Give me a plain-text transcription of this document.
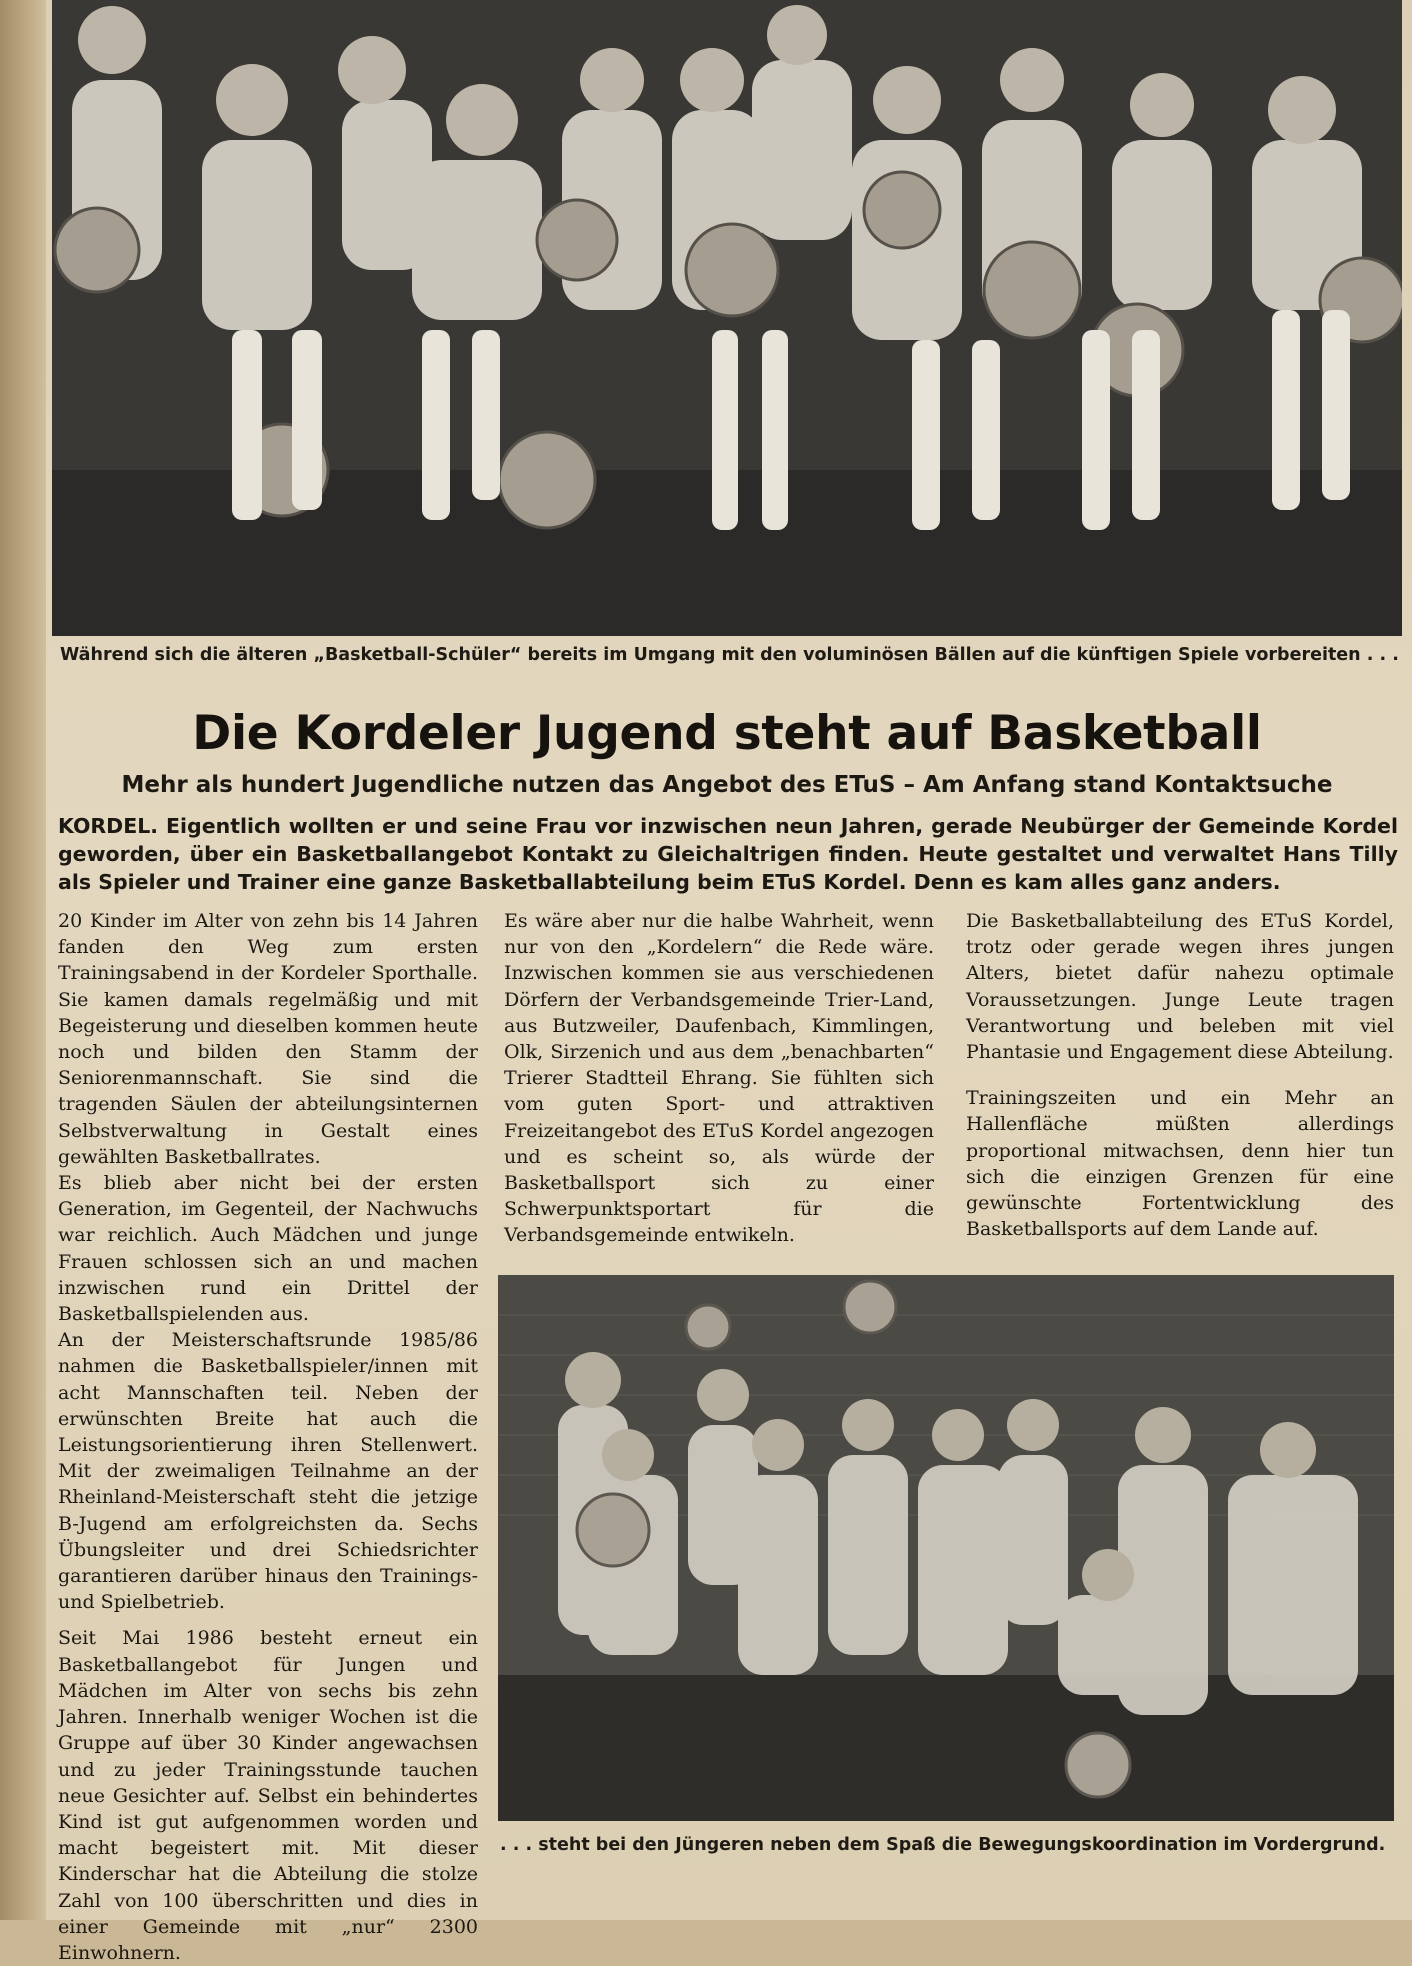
Während sich die älteren „Basketball-Schüler“ bereits im Umgang mit den voluminösen Bällen auf die künftigen Spiele vorbereiten . . .
Die Kordeler Jugend steht auf Basketball
Mehr als hundert Jugendliche nutzen das Angebot des ETuS – Am Anfang stand Kontaktsuche
KORDEL. Eigentlich wollten er und seine Frau vor inzwischen neun Jahren, gerade Neubürger der Gemeinde Kordel geworden, über ein Basketballangebot Kontakt zu Gleichaltrigen finden. Heute gestaltet und verwaltet Hans Tilly als Spieler und Trainer eine ganze Basketballabteilung beim ETuS Kordel. Denn es kam alles ganz anders.

20 Kinder im Alter von zehn bis 14 Jahren fanden den Weg zum ersten Trainingsabend in der Kordeler Sporthalle. Sie kamen damals regelmäßig und mit Begeisterung und dieselben kommen heute noch und bilden den Stamm der Seniorenmannschaft. Sie sind die tragenden Säulen der abteilungsinternen Selbstverwaltung in Gestalt eines gewählten Basketballrates.

Es blieb aber nicht bei der ersten Generation, im Gegenteil, der Nachwuchs war reichlich. Auch Mädchen und junge Frauen schlossen sich an und machen inzwischen rund ein Drittel der Basketballspielenden aus.

An der Meisterschaftsrunde 1985/86 nahmen die Basketballspieler/innen mit acht Mannschaften teil. Neben der erwünschten Breite hat auch die Leistungsorientierung ihren Stellenwert. Mit der zweimaligen Teilnahme an der Rheinland-Meisterschaft steht die jetzige B-Jugend am erfolgreichsten da. Sechs Übungsleiter und drei Schiedsrichter garantieren darüber hinaus den Trainings- und Spielbetrieb.

Seit Mai 1986 besteht erneut ein Basketballangebot für Jungen und Mädchen im Alter von sechs bis zehn Jahren. Innerhalb weniger Wochen ist die Gruppe auf über 30 Kinder angewachsen und zu jeder Trainingsstunde tauchen neue Gesichter auf. Selbst ein behindertes Kind ist gut aufgenommen worden und macht begeistert mit. Mit dieser Kinderschar hat die Abteilung die stolze Zahl von 100 überschritten und dies in einer Gemeinde mit „nur“ 2300 Einwohnern.

Es wäre aber nur die halbe Wahrheit, wenn nur von den „Kordelern“ die Rede wäre. Inzwischen kommen sie aus verschiedenen Dörfern der Verbandsgemeinde Trier-Land, aus Butzweiler, Daufenbach, Kimmlingen, Olk, Sirzenich und aus dem „benachbarten“ Trierer Stadtteil Ehrang. Sie fühlten sich vom guten Sport- und attraktiven Freizeitangebot des ETuS Kordel angezogen und es scheint so, als würde der Basketballsport sich zu einer Schwerpunktsportart für die Verbandsgemeinde entwikeln.

Die Basketballabteilung des ETuS Kordel, trotz oder gerade wegen ihres jungen Alters, bietet dafür nahezu optimale Voraussetzungen. Junge Leute tragen Verantwortung und beleben mit viel Phantasie und Engagement diese Abteilung.

Trainingszeiten und ein Mehr an Hallenfläche müßten allerdings proportional mitwachsen, denn hier tun sich die einzigen Grenzen für eine gewünschte Fortentwicklung des Basketballsports auf dem Lande auf.

. . . steht bei den Jüngeren neben dem Spaß die Bewegungskoordination im Vordergrund.
